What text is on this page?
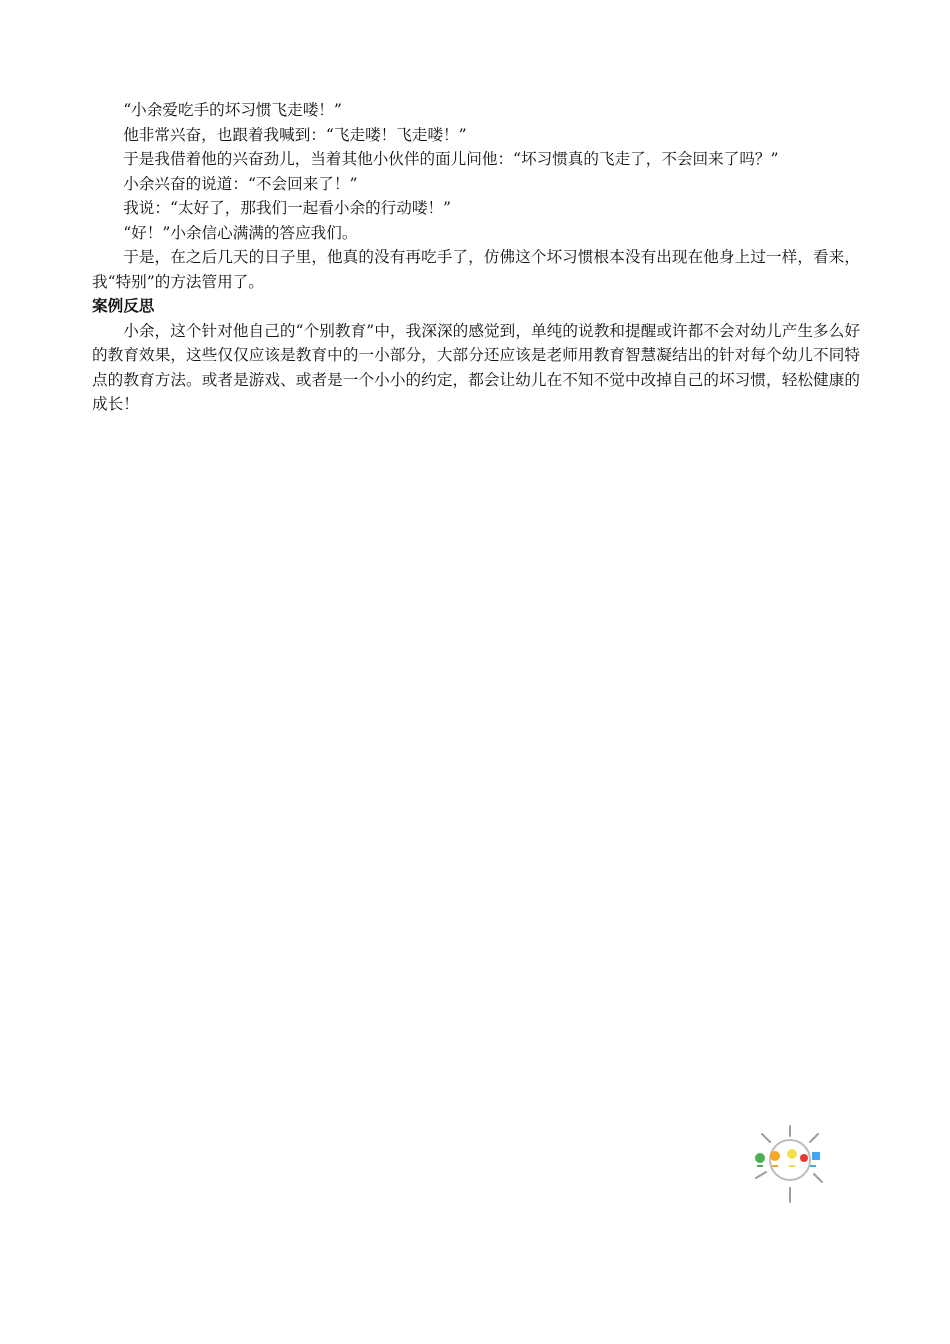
“小余爱吃手的坏习惯飞走喽！”

他非常兴奋，也跟着我喊到：“飞走喽！飞走喽！”

于是我借着他的兴奋劲儿，当着其他小伙伴的面儿问他：“坏习惯真的飞走了，不会回来了吗？”

小余兴奋的说道：“不会回来了！”

我说：“太好了，那我们一起看小余的行动喽！”

“好！”小余信心满满的答应我们。

于是，在之后几天的日子里，他真的没有再吃手了，仿佛这个坏习惯根本没有出现在他身上过一样，看来，我“特别”的方法管用了。

案例反思

小余，这个针对他自己的“个别教育”中，我深深的感觉到，单纯的说教和提醒或许都不会对幼儿产生多么好的教育效果，这些仅仅应该是教育中的一小部分，大部分还应该是老师用教育智慧凝结出的针对每个幼儿不同特点的教育方法。或者是游戏、或者是一个小小的约定，都会让幼儿在不知不觉中改掉自己的坏习惯，轻松健康的成长！
